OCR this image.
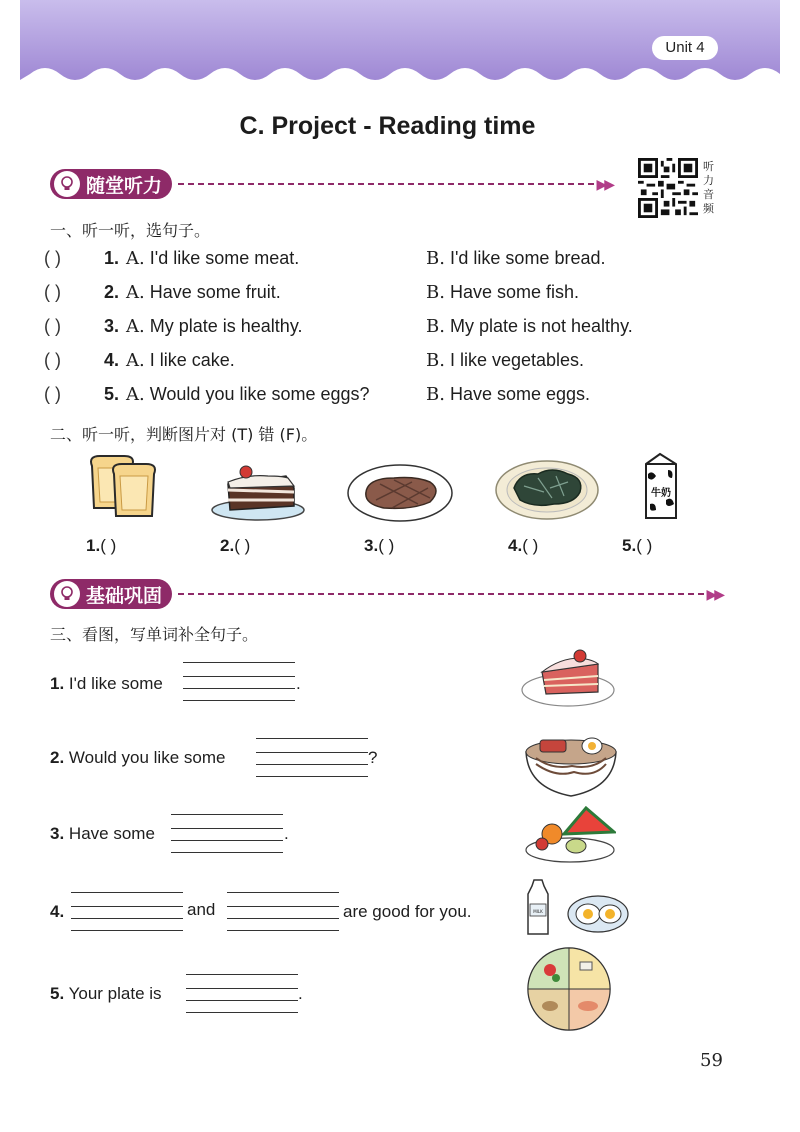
Unit 4
C. Project - Reading time
随堂听力	▶▶
听力音频
一、听一听，选句子。
( ) 1. A. I'd like some meat.	B. I'd like some bread.
( ) 2. A. Have some fruit.	B. Have some fish.
( ) 3. A. My plate is healthy.	B. My plate is not healthy.
( ) 4. A. I like cake.	B. I like vegetables.
( ) 5. A. Would you like some eggs?	B. Have some eggs.
二、听一听，判断图片对 (T) 错 (F)。
牛奶
1.( )	2.( )	3.( )	4.( )	5.( )
基础巩固	▶▶
三、看图，写单词补全句子。
1. I'd like some	.
2. Would you like some	?
3. Have some	.
4.	and	are good for you.	MILK
5. Your plate is	.
59
